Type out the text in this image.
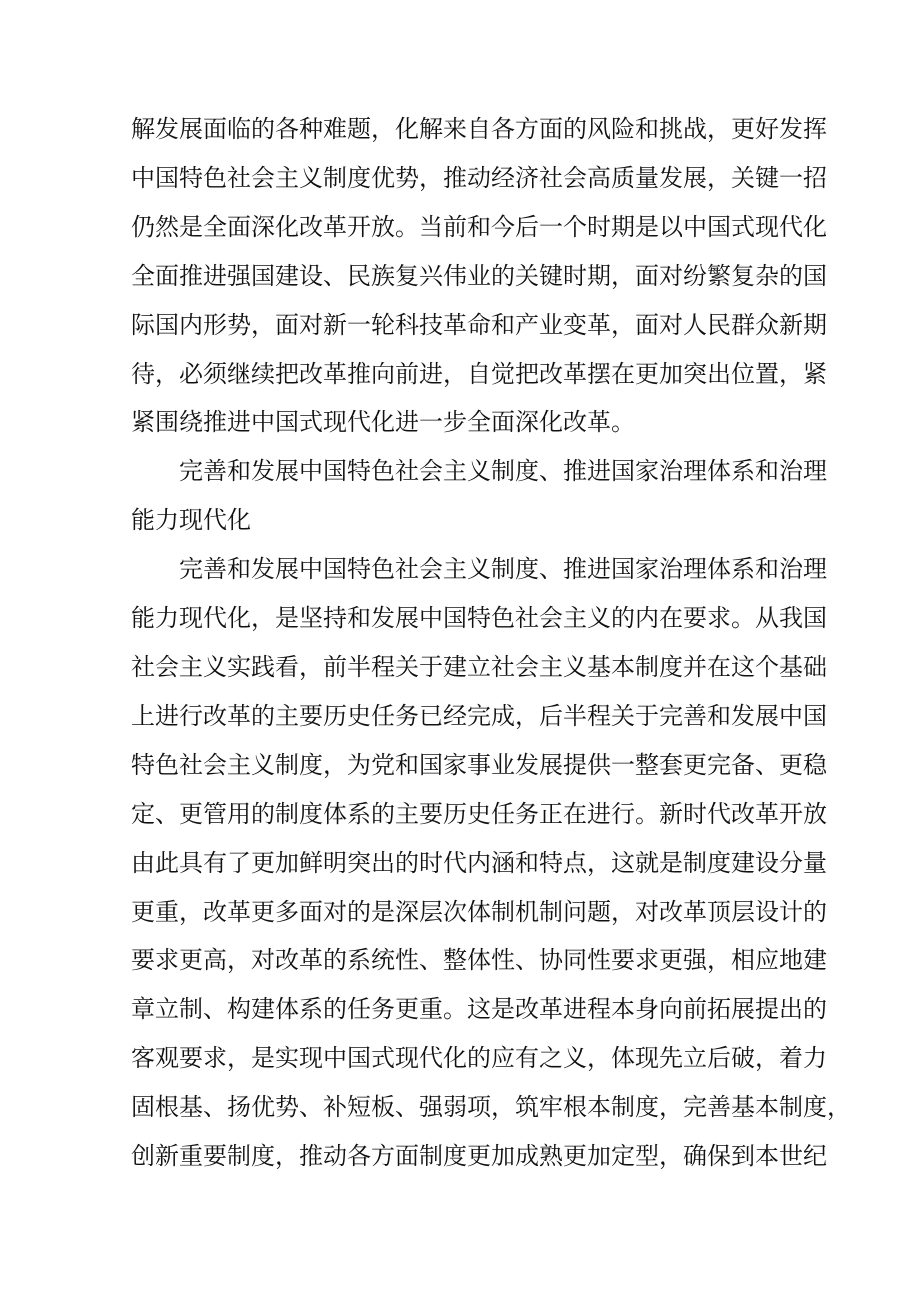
解发展面临的各种难题，化解来自各方面的风险和挑战，更好发挥
中国特色社会主义制度优势，推动经济社会高质量发展，关键一招
仍然是全面深化改革开放。当前和今后一个时期是以中国式现代化
全面推进强国建设、民族复兴伟业的关键时期，面对纷繁复杂的国
际国内形势，面对新一轮科技革命和产业变革，面对人民群众新期
待，必须继续把改革推向前进，自觉把改革摆在更加突出位置，紧
紧围绕推进中国式现代化进一步全面深化改革。

完善和发展中国特色社会主义制度、推进国家治理体系和治理
能力现代化

完善和发展中国特色社会主义制度、推进国家治理体系和治理
能力现代化，是坚持和发展中国特色社会主义的内在要求。从我国
社会主义实践看，前半程关于建立社会主义基本制度并在这个基础
上进行改革的主要历史任务已经完成，后半程关于完善和发展中国
特色社会主义制度，为党和国家事业发展提供一整套更完备、更稳
定、更管用的制度体系的主要历史任务正在进行。新时代改革开放
由此具有了更加鲜明突出的时代内涵和特点，这就是制度建设分量
更重，改革更多面对的是深层次体制机制问题，对改革顶层设计的
要求更高，对改革的系统性、整体性、协同性要求更强，相应地建
章立制、构建体系的任务更重。这是改革进程本身向前拓展提出的
客观要求，是实现中国式现代化的应有之义，体现先立后破，着力
固根基、扬优势、补短板、强弱项，筑牢根本制度，完善基本制度，
创新重要制度，推动各方面制度更加成熟更加定型，确保到本世纪
